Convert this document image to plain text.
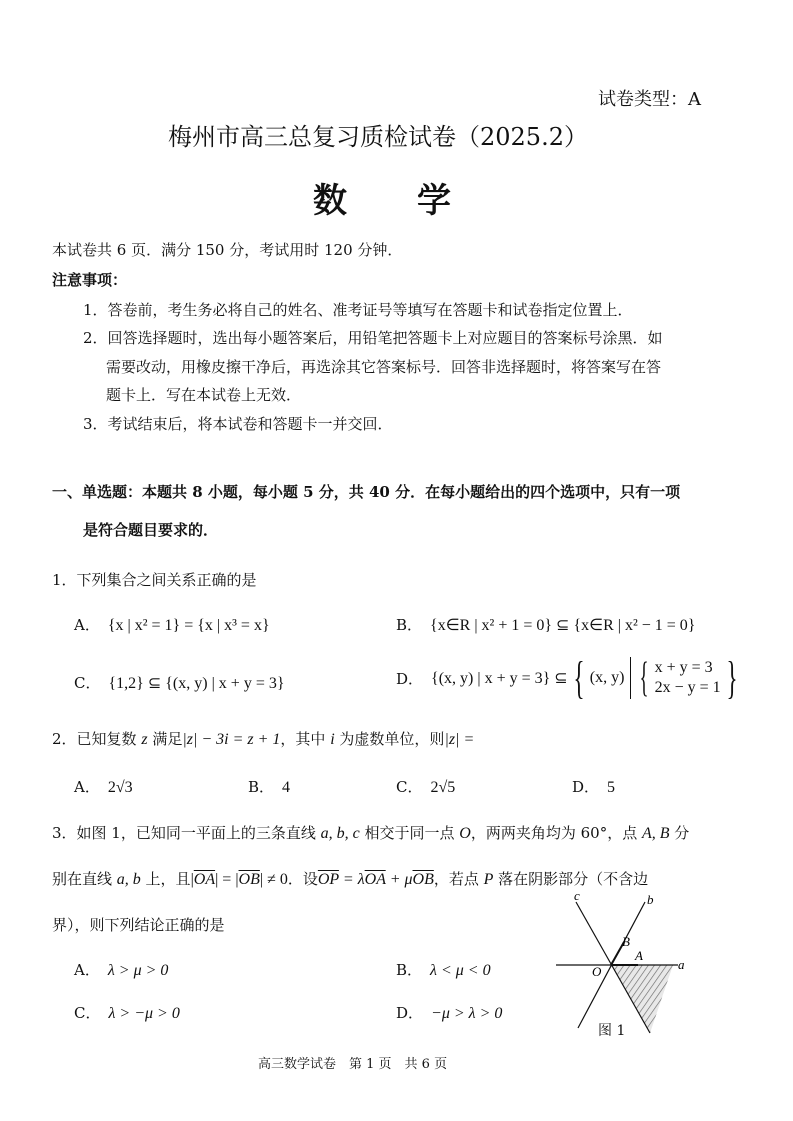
试卷类型：A
梅州市高三总复习质检试卷（2025.2）
数　学
本试卷共 6 页．满分 150 分，考试用时 120 分钟．
注意事项：
1．答卷前，考生务必将自己的姓名、准考证号等填写在答题卡和试卷指定位置上．
2．回答选择题时，选出每小题答案后，用铅笔把答题卡上对应题目的答案标号涂黑．如
需要改动，用橡皮擦干净后，再选涂其它答案标号．回答非选择题时，将答案写在答
题卡上．写在本试卷上无效．
3．考试结束后，将本试卷和答题卡一并交回．
一、单选题：本题共 8 小题，每小题 5 分，共 40 分．在每小题给出的四个选项中，只有一项
是符合题目要求的．
1．下列集合之间关系正确的是
A． {x | x² = 1} = {x | x³ = x}	B． {x∈R | x² + 1 = 0} ⊆ {x∈R | x² − 1 = 0}
C． {1,2} ⊆ {(x, y) | x + y = 3}	D． {(x, y) | x + y = 3} ⊆ { (x, y) { x + y = 3
2x − y = 1 }
2．已知复数 z 满足|z| − 3i = z + 1，其中 i 为虚数单位，则|z| =
A． 2√3	B． 4	C． 2√5	D． 5
3．如图 1，已知同一平面上的三条直线 a, b, c 相交于同一点 O，两两夹角均为 60°，点 A, B 分
别在直线 a, b 上，且$|\overline{OA}| = |\overline{OB}| \ne 0$．设$\overline{OP} = \lambda\overline{OA} + \mu\overline{OB}$，若点 P 落在阴影部分（不含边
界），则下列结论正确的是
A． λ > μ > 0	B． λ < μ < 0
C． λ > −μ > 0	D． −μ > λ > 0
c	b
a
O
A
B
图 1
高三数学试卷　第 1 页　共 6 页
